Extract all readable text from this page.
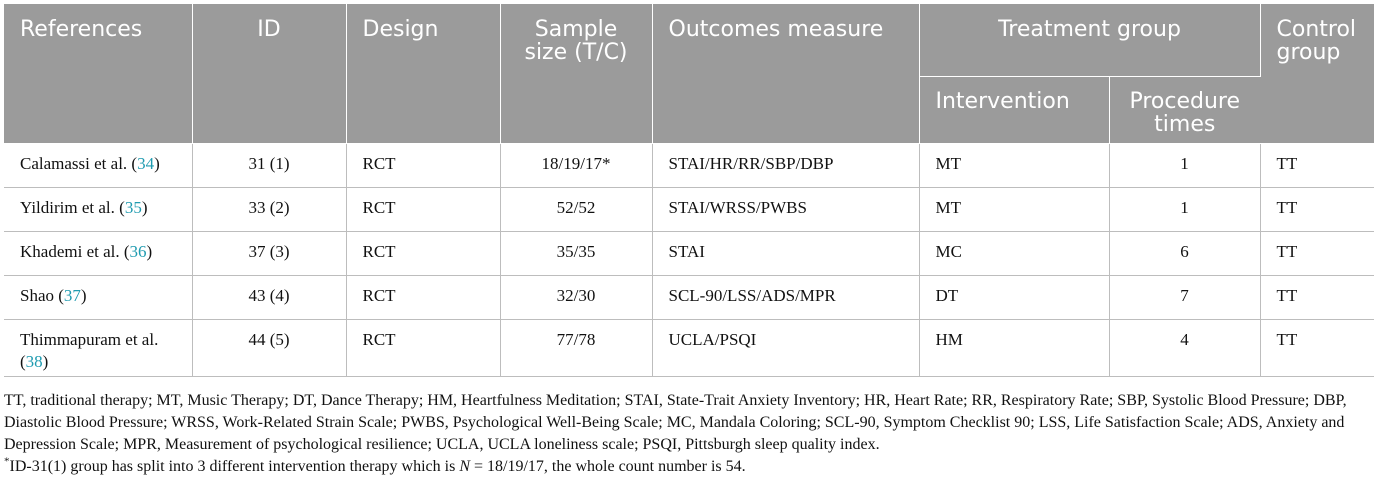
References	ID	Design	Sample size (T/C)	Outcomes measure	Treatment group		Control group
					Intervention	Procedure times	
Calamassi et al. (34)	31 (1)	RCT	18/19/17*	STAI/HR/RR/SBP/DBP	MT	1	TT
Yildirim et al. (35)	33 (2)	RCT	52/52	STAI/WRSS/PWBS	MT	1	TT
Khademi et al. (36)	37 (3)	RCT	35/35	STAI	MC	6	TT
Shao (37)	43 (4)	RCT	32/30	SCL-90/LSS/ADS/MPR	DT	7	TT
Thimmapuram et al. (38)	44 (5)	RCT	77/78	UCLA/PSQI	HM	4	TT

TT, traditional therapy; MT, Music Therapy; DT, Dance Therapy; HM, Heartfulness Meditation; STAI, State-Trait Anxiety Inventory; HR, Heart Rate; RR, Respiratory Rate; SBP, Systolic Blood Pressure; DBP, Diastolic Blood Pressure; WRSS, Work-Related Strain Scale; PWBS, Psychological Well-Being Scale; MC, Mandala Coloring; SCL-90, Symptom Checklist 90; LSS, Life Satisfaction Scale; ADS, Anxiety and Depression Scale; MPR, Measurement of psychological resilience; UCLA, UCLA loneliness scale; PSQI, Pittsburgh sleep quality index.

*ID-31(1) group has split into 3 different intervention therapy which is N = 18/19/17, the whole count number is 54.
